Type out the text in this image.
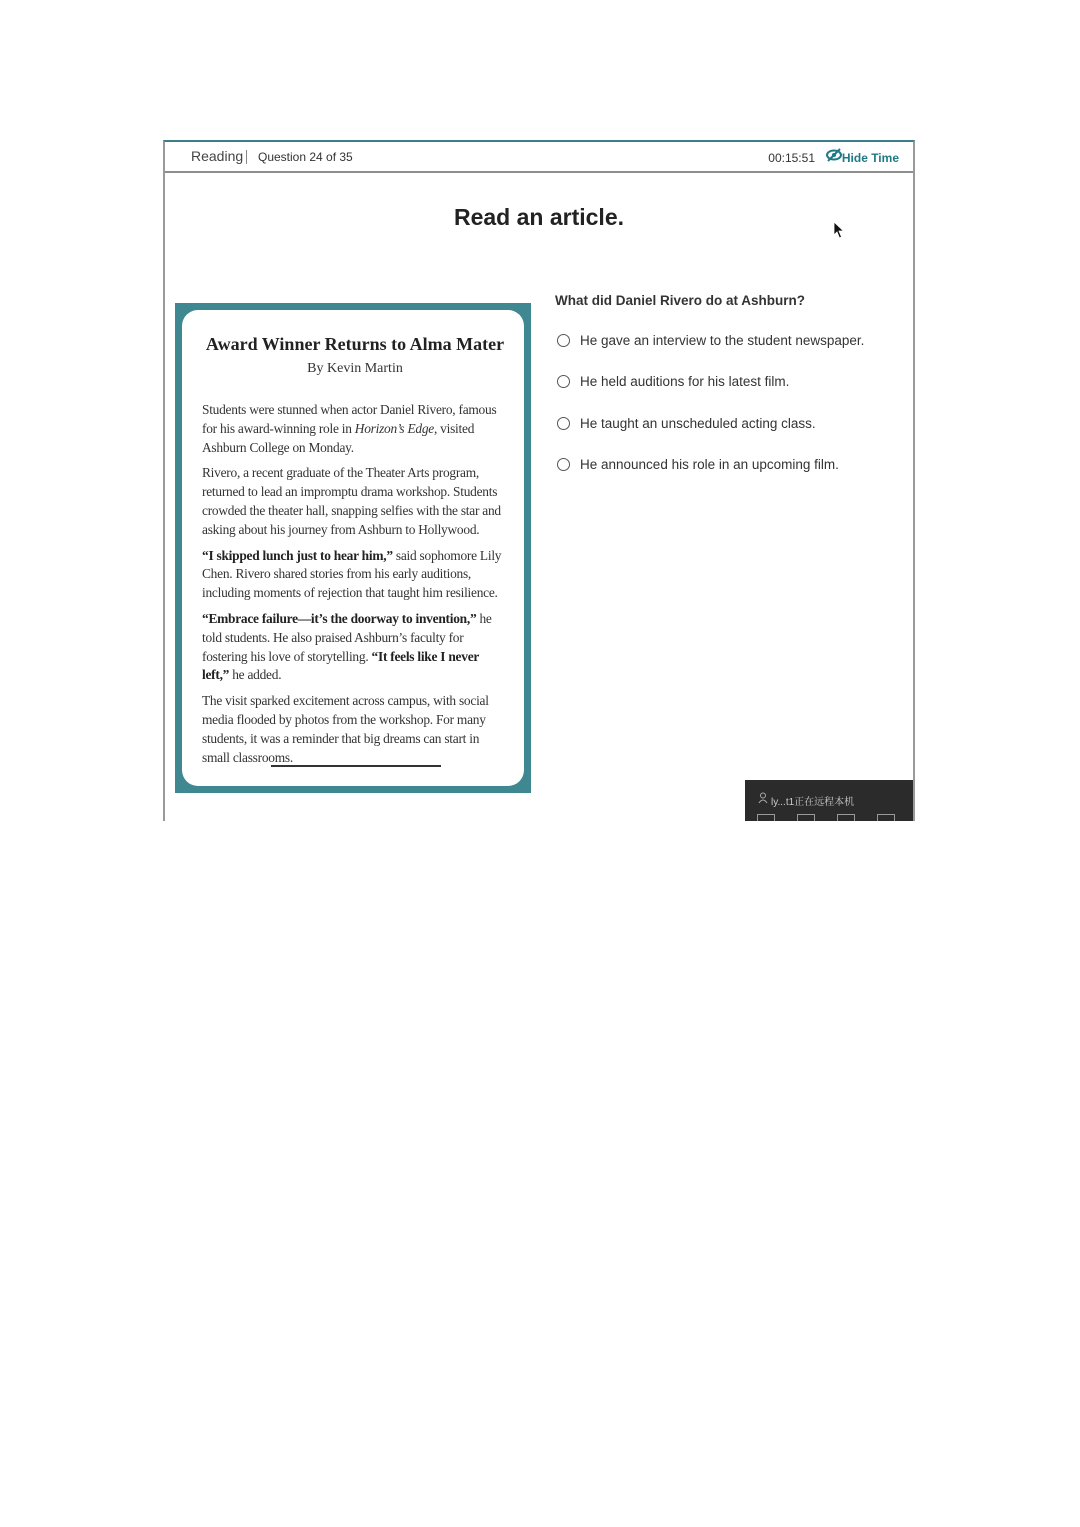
Reading Question 24 of 35	00:15:51 Hide Time
Read an article.
Award Winner Returns to Alma Mater
By Kevin Martin

Students were stunned when actor Daniel Rivero, famous for his award-winning role in Horizon’s Edge, visited Ashburn College on Monday.

Rivero, a recent graduate of the Theater Arts program, returned to lead an impromptu drama workshop. Students crowded the theater hall, snapping selfies with the star and asking about his journey from Ashburn to Hollywood.

“I skipped lunch just to hear him,” said sophomore Lily Chen. Rivero shared stories from his early auditions, including moments of rejection that taught him resilience.

“Embrace failure—it’s the doorway to invention,” he told students. He also praised Ashburn’s faculty for fostering his love of storytelling. “It feels like I never left,” he added.

The visit sparked excitement across campus, with social media flooded by photos from the workshop. For many students, it was a reminder that big dreams can start in small classrooms.

What did Daniel Rivero do at Ashburn?
He gave an interview to the student newspaper.
He held auditions for his latest film.
He taught an unscheduled acting class.
He announced his role in an upcoming film.
ly...t1正在远程本机
